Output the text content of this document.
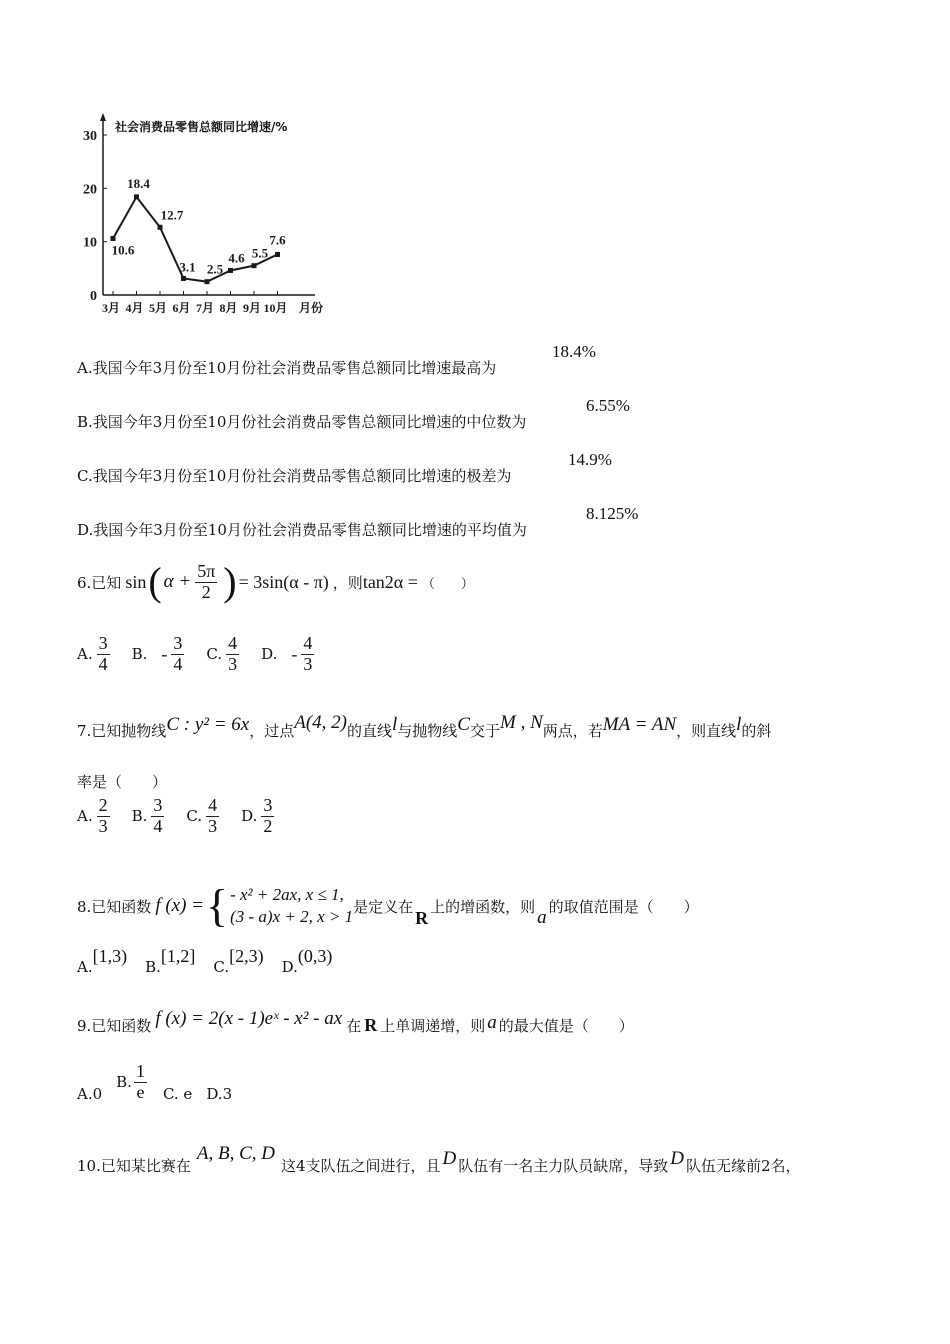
0
10
20
30
3月 4月 5月 6月 7月 8月 9月 10月 月份
10.6
18.4
12.7
3.1 2.5
4.6 5.5
7.6
社会消费品零售总额同比增速/%
A.我国今年3月份至10月份社会消费品零售总额同比增速最高为
18.4%
B.我国今年3月份至10月份社会消费品零售总额同比增速的中位数为
6.55%
C.我国今年3月份至10月份社会消费品零售总额同比增速的极差为
14.9%
D.我国今年3月份至10月份社会消费品零售总额同比增速的平均值为
8.125%
6.已知 sin ( $\alpha + \frac{5\pi}{2}$ ) = 3sin(α - π) ，则 tan2α = （　　）
A. $\frac{3}{4} B$. - $\frac{3}{4} C$. $\frac{4}{3} D$. - $\frac{4}{3}$
7.已知抛物线 C : y² = 6x ，过点 A(4, 2) 的直线 l 与抛物线 C 交于 M , N 两点，若 MA = AN ，则直线 l 的斜
率是（　　）
A. $\frac{2}{3} B$. $\frac{3}{4} C$. $\frac{4}{3} D$. $\frac{3}{2}$
8.已知函数 f (x) = { - x² + 2ax, x ≤ 1,
(3 - a)x + 2, x > 1
是定义在
R
上的增函数，则
a
的取值范围是（　　）
A.
[1,3)
B.
[1,2]
C.
[2,3)
D.
(0,3)
9.已知函数 f (x) = 2(x - 1)eˣ - x² - ax 在 R 上单调递增，则 a 的最大值是（　　）
A.0
B. $\frac{1}{e} C$. e D.3
10.已知某比赛在
A, B, C, D
这4支队伍之间进行，且 D 队伍有一名主力队员缺席，导致 D 队伍无缘前2名，
